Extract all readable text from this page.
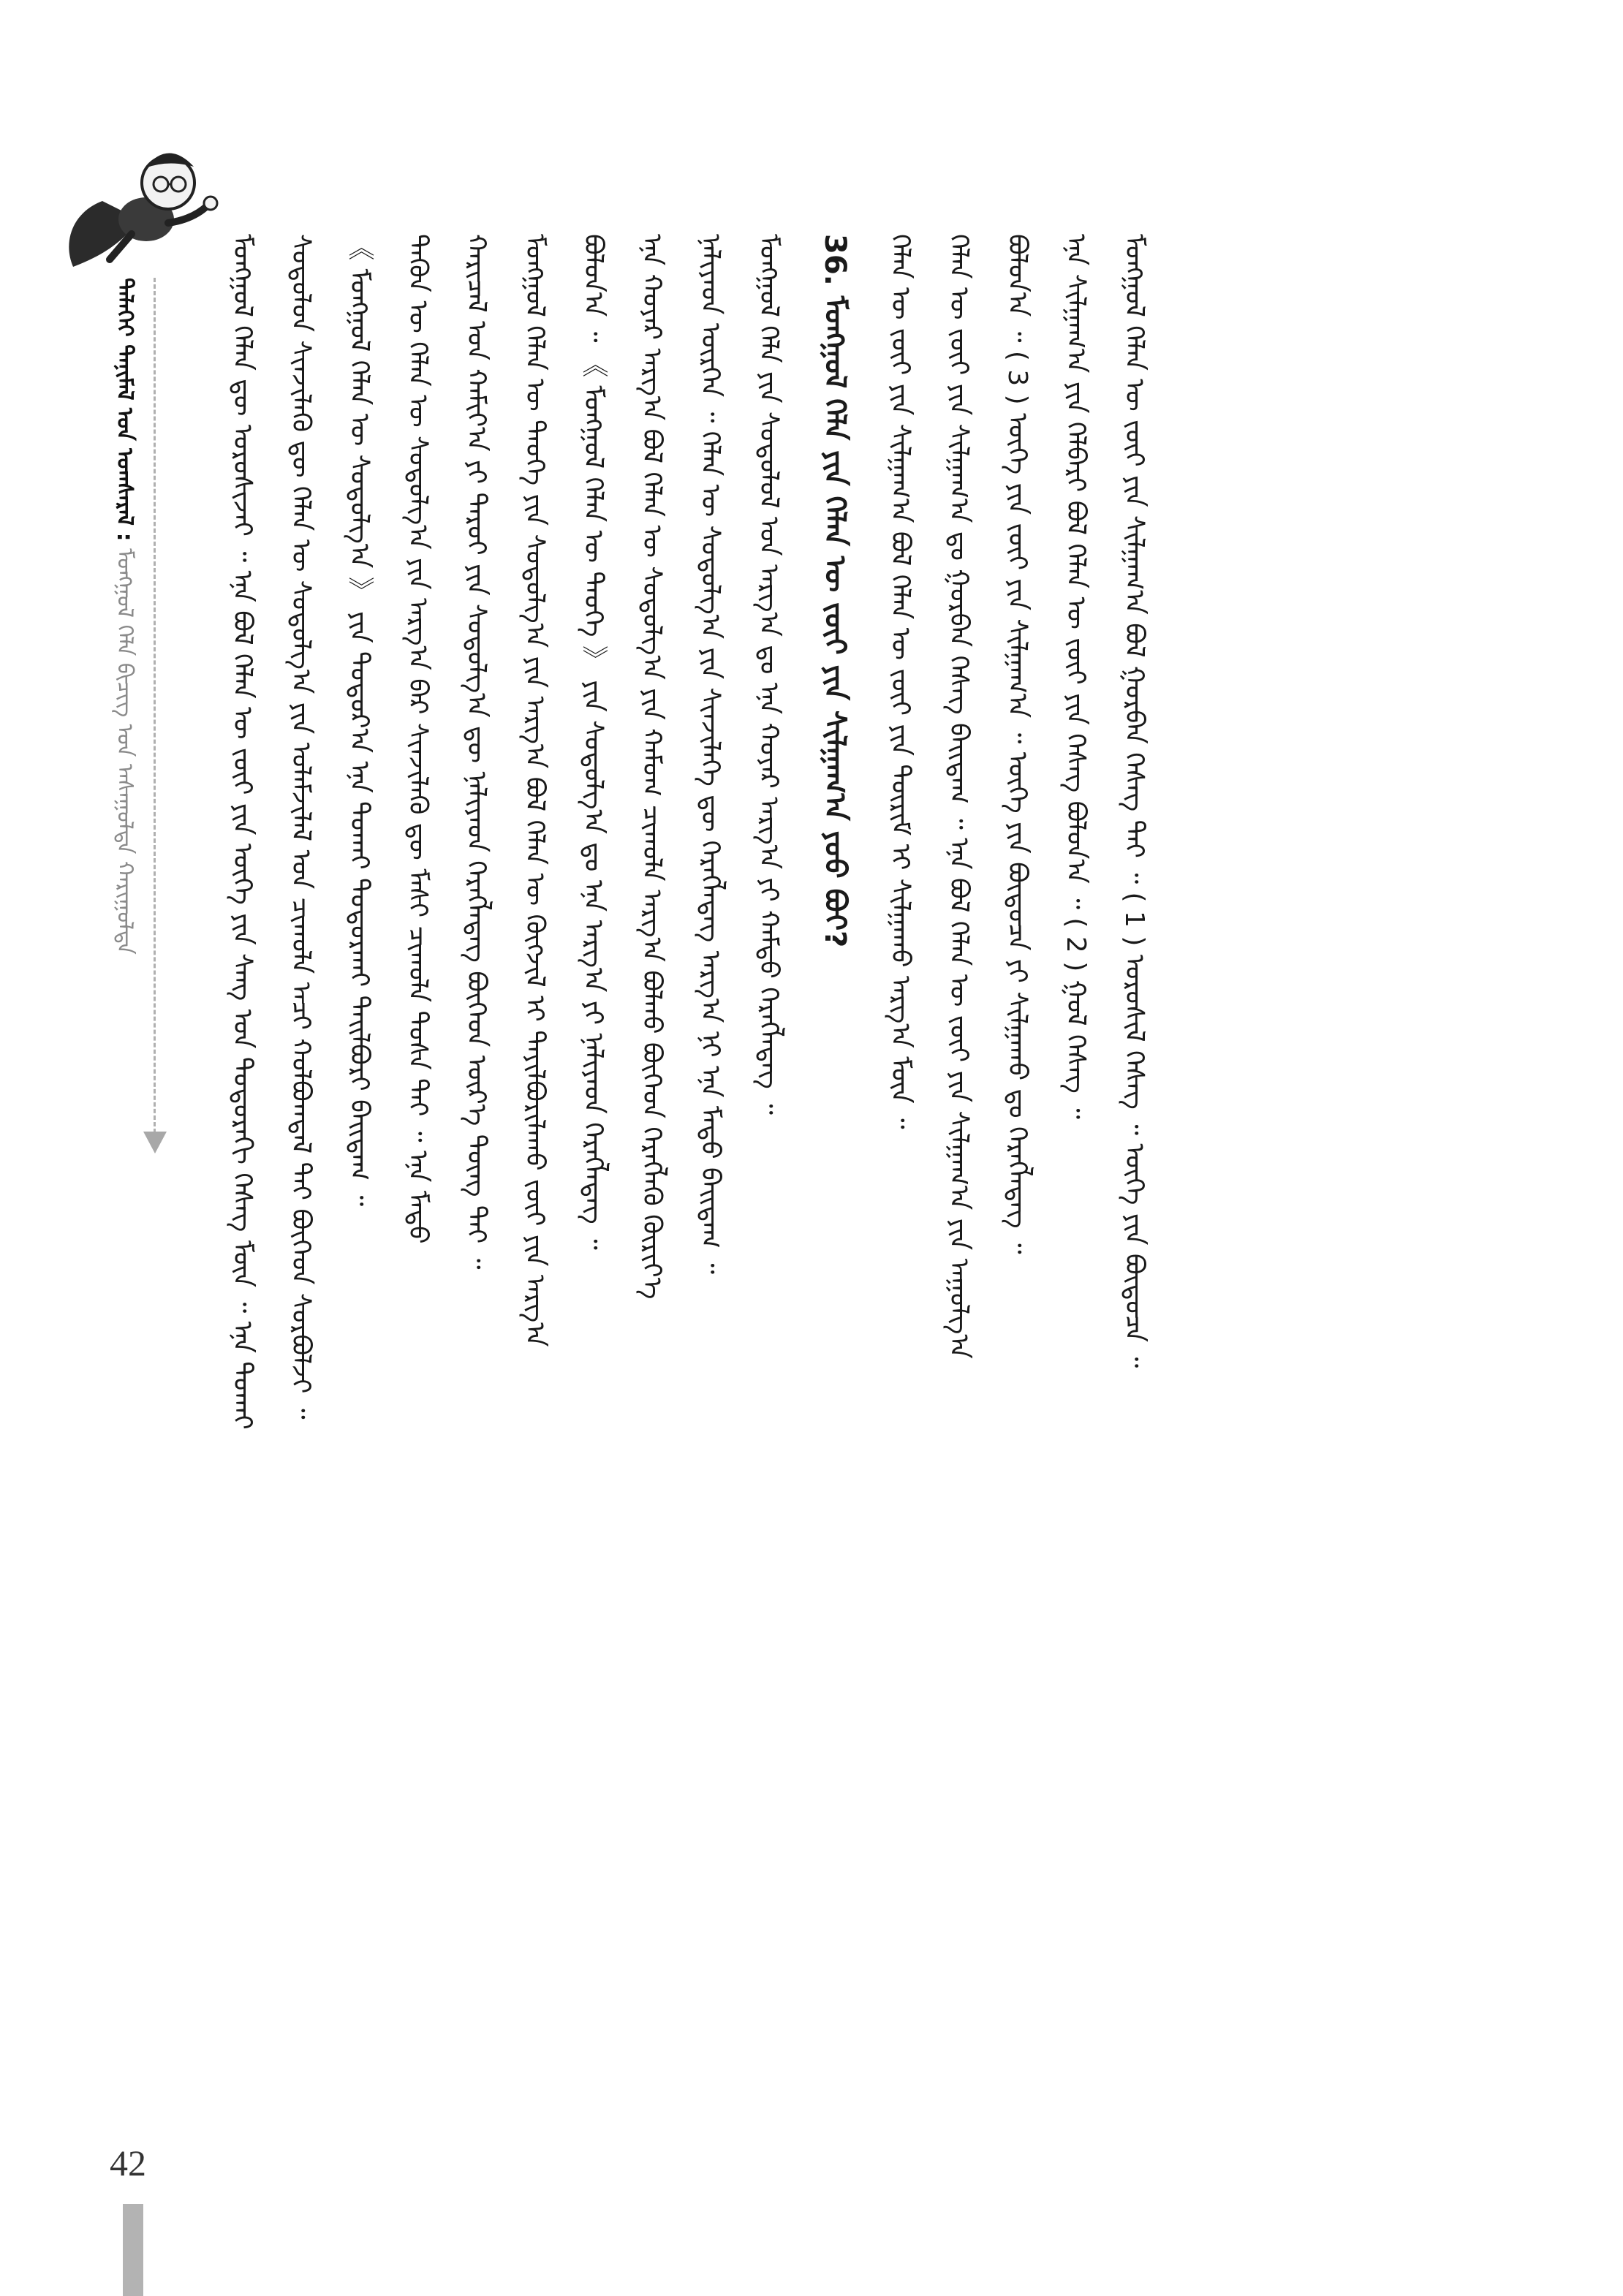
ᠲᠡᠯᠡᠭᠡᠢ ᠲᠠᠨᠢᠮᠠᠯ ᠤᠨ ᠤᠭᠰᠠᠷᠠᠯ : ᠮᠣᠩᠭᠣᠯ ᠬᠡᠯᠡ ᠪᠢᠴᠢᠭ ᠤᠨ ᠠᠰᠠᠭᠤᠯᠲᠠ ᠬᠠᠷᠢᠭᠤᠯᠲᠠ	ᠮᠣᠩᠭᠣᠯ ᠬᠡᠯᠡᠨ ᠳᠦ ᠣᠷᠣᠰᠢᠵᠠᠢ ᠃ ᠡᠨᠡ ᠪᠣᠯ ᠬᠡᠯᠡᠨ ᠦ ᠵᠦᠢ ᠶᠢᠨ ᠦᠭᠡ ᠶᠢᠨ ᠰᠠᠩ ᠤᠨ ᠳᠣᠲᠣᠷᠠᠬᠢ ᠬᠡᠰᠡᠭ ᠮᠥᠨ ᠃ ᠡᠨᠡ ᠲᠤᠬᠠᠢ	ᠰᠤᠳᠤᠯᠤᠨ ᠰᠢᠨᠵᠢᠯᠡᠬᠦ ᠳᠦ ᠬᠡᠯᠡᠨ ᠦ ᠰᠤᠳᠤᠯᠭ᠎ᠠ ᠶᠢᠨ ᠤᠯᠠᠮᠵᠢᠯᠠᠯ ᠤᠨ ᠴᠢᠬᠤᠯᠠ ᠠᠴᠢ ᠬᠣᠯᠪᠣᠭᠳᠠᠯ ᠲᠠᠢ ᠪᠥᠭᠡᠳ ᠰᠤᠷᠪᠤᠯᠵᠢ ᠃	《 ᠮᠣᠩᠭᠣᠯ ᠬᠡᠯᠡᠨ ᠦ ᠰᠤᠳᠤᠯᠭ᠎ᠠ 》 ᠶᠢᠨ ᠳᠣᠲᠣᠷ᠎ᠠ ᠡᠨᠡ ᠲᠤᠬᠠᠢ ᠲᠣᠳᠣᠷᠬᠠᠢ ᠲᠠᠢᠯᠪᠤᠷᠢ ᠪᠠᠢᠳᠠᠭ ᠃	ᠲᠡᠭᠦᠨ ᠦ ᠬᠡᠯᠡᠨ ᠦ ᠰᠤᠳᠤᠯᠭ᠎ᠠ ᠶᠢᠨ ᠠᠷᠭ᠎ᠠ ᠪᠠᠷ ᠰᠢᠨᠵᠢᠯᠡᠬᠦ ᠳᠦ ᠮᠠᠰᠢ ᠴᠢᠬᠤᠯᠠ ᠲᠤᠰᠠ ᠲᠠᠢ ᠃ ᠡᠨᠡ ᠮᠡᠲᠦ	ᠬᠠᠷᠢᠴᠠᠯ ᠤᠨ ᠬᠠᠮᠢᠶ᠎ᠠ ᠶᠢ ᠳᠠᠷᠤᠢ ᠶᠢᠨ ᠰᠤᠳᠤᠯᠭ᠎ᠠ ᠳᠦ ᠨᠡᠯᠢᠶᠡᠳ ᠬᠡᠷᠡᠭᠯᠡᠳᠡᠭ ᠪᠥᠭᠡᠳ ᠦᠷ᠎ᠡ ᠳᠦᠩ ᠲᠠᠢ ᠃	ᠮᠣᠩᠭᠣᠯ ᠬᠡᠯᠡᠨ ᠦ ᠲᠡᠦᠬᠡ ᠶᠢᠨ ᠰᠤᠳᠤᠯᠭ᠎ᠠ ᠶᠢᠨ ᠠᠷᠭ᠎ᠠ ᠪᠣᠯ ᠬᠡᠯᠡᠨ ᠦ ᠬᠥᠭᠵᠢᠯ ᠢ ᠲᠠᠶᠢᠯᠪᠤᠷᠢᠯᠠᠬᠤ ᠵᠦᠢ ᠶᠢᠨ ᠠᠷᠭ᠎ᠠ	ᠪᠣᠯᠤᠨ᠎ᠠ ᠃ 《 ᠮᠣᠩᠭᠣᠯ ᠬᠡᠯᠡᠨ ᠦ ᠲᠡᠦᠬᠡ 》 ᠶᠢᠨ ᠰᠤᠳᠤᠯᠭ᠎ᠠ ᠳᠤ ᠡᠨᠡ ᠠᠷᠭ᠎ᠠ ᠶᠢ ᠨᠡᠯᠢᠶᠡᠳ ᠬᠡᠷᠡᠭᠯᠡᠳᠡᠭ ᠃	ᠡᠨᠡ ᠬᠣᠶᠠᠷ ᠠᠷᠭ᠎ᠠ ᠪᠣᠯ ᠬᠡᠯᠡᠨ ᠦ ᠰᠤᠳᠤᠯᠭ᠎ᠠ ᠶᠢᠨ ᠬᠠᠮᠤᠭ ᠴᠢᠬᠤᠯᠠ ᠠᠷᠭ᠎ᠠ ᠪᠣᠯᠬᠤ ᠪᠥᠭᠡᠳ ᠬᠡᠷᠡᠭᠯᠡᠬᠦ ᠬᠦᠷᠢᠶ᠎ᠡ	ᠨᠡᠯᠢᠶᠡᠳ ᠥᠷᠭᠡᠨ ᠃ ᠬᠡᠯᠡᠨ ᠦ ᠰᠤᠳᠤᠯᠭ᠎ᠠ ᠶᠢᠨ ᠰᠢᠨᠵᠢᠯᠡᠭᠡ ᠳᠦ ᠬᠡᠷᠡᠭᠯᠡᠳᠡᠭ ᠠᠷᠭ᠎ᠠ ᠨᠢ ᠡᠨᠡ ᠮᠡᠲᠦ ᠪᠠᠢᠳᠠᠭ ᠃	ᠮᠣᠩᠭᠣᠯ ᠬᠡᠯᠡ ᠶᠢᠨ ᠰᠤᠳᠤᠯᠤᠯ ᠤᠨ ᠠᠷᠭ᠎ᠠ ᠳᠤ ᠡᠨᠡ ᠬᠣᠶᠠᠷ ᠠᠷᠭ᠎ᠠ ᠶᠢ ᠬᠠᠮᠲᠤ ᠬᠡᠷᠡᠭᠯᠡᠳᠡᠭ ᠃ 36. ᠮᠣᠩᠭᠣᠯ ᠬᠡᠯᠡ ᠶᠢᠨ ᠬᠡᠯᠡᠨ ᠦ ᠵᠦᠢ ᠶᠢᠨ ᠰᠢᠯᠭᠠᠭ᠎ᠠ ᠶᠤᠤ ᠪᠣᠢ?	ᠬᠡᠯᠡᠨ ᠦ ᠵᠦᠢ ᠶᠢᠨ ᠰᠢᠯᠭᠠᠭ᠎ᠠ ᠪᠣᠯ ᠬᠡᠯᠡᠨ ᠦ ᠵᠦᠢ ᠶᠢᠨ ᠳᠦᠷᠢᠮ ᠢ ᠰᠢᠯᠭᠠᠬᠤ ᠠᠷᠭ᠎ᠠ ᠮᠥᠨ ᠃	ᠬᠡᠯᠡᠨ ᠦ ᠵᠦᠢ ᠶᠢᠨ ᠰᠢᠯᠭᠠᠭ᠎ᠠ ᠳᠤ ᠭᠤᠷᠪᠠᠨ ᠬᠡᠰᠡᠭ ᠪᠠᠢᠳᠠᠭ ᠃ ᠡᠨᠡ ᠪᠣᠯ ᠬᠡᠯᠡᠨ ᠦ ᠵᠦᠢ ᠶᠢᠨ ᠰᠢᠯᠭᠠᠭ᠎ᠠ ᠶᠢᠨ ᠠᠭᠤᠯᠭ᠎ᠠ	ᠪᠣᠯᠤᠨ᠎ᠠ ᠃ ( 3 ) ᠦᠭᠡ ᠶᠢᠨ ᠵᠦᠢ ᠶᠢᠨ ᠰᠢᠯᠭᠠᠭ᠎ᠠ ᠃ ᠦᠭᠡ ᠶᠢᠨ ᠪᠦᠲᠦᠴᠡ ᠶᠢ ᠰᠢᠯᠭᠠᠬᠤ ᠳᠤ ᠬᠡᠷᠡᠭᠯᠡᠳᠡᠭ ᠃	ᠡᠨᠡ ᠰᠢᠯᠭᠠᠭ᠎ᠠ ᠶᠢᠨ ᠬᠡᠯᠪᠡᠷᠢ ᠪᠣᠯ ᠬᠡᠯᠡᠨ ᠦ ᠵᠦᠢ ᠶᠢᠨ ᠬᠡᠰᠡᠭ ᠪᠣᠯᠤᠨ᠎ᠠ ᠃ ( 2 ) ᠭᠣᠯ ᠬᠡᠰᠡᠭ ᠃	ᠮᠣᠩᠭᠣᠯ ᠬᠡᠯᠡᠨ ᠦ ᠵᠦᠢ ᠶᠢᠨ ᠰᠢᠯᠭᠠᠭ᠎ᠠ ᠪᠣᠯ ᠭᠤᠷᠪᠠᠨ ᠬᠡᠰᠡᠭ ᠲᠡᠢ ᠃ ( 1 ) ᠣᠷᠣᠰᠢᠯ ᠬᠡᠰᠡᠭ ᠃ ᠦᠭᠡ ᠶᠢᠨ ᠪᠦᠲᠦᠴᠡ ᠃
42
